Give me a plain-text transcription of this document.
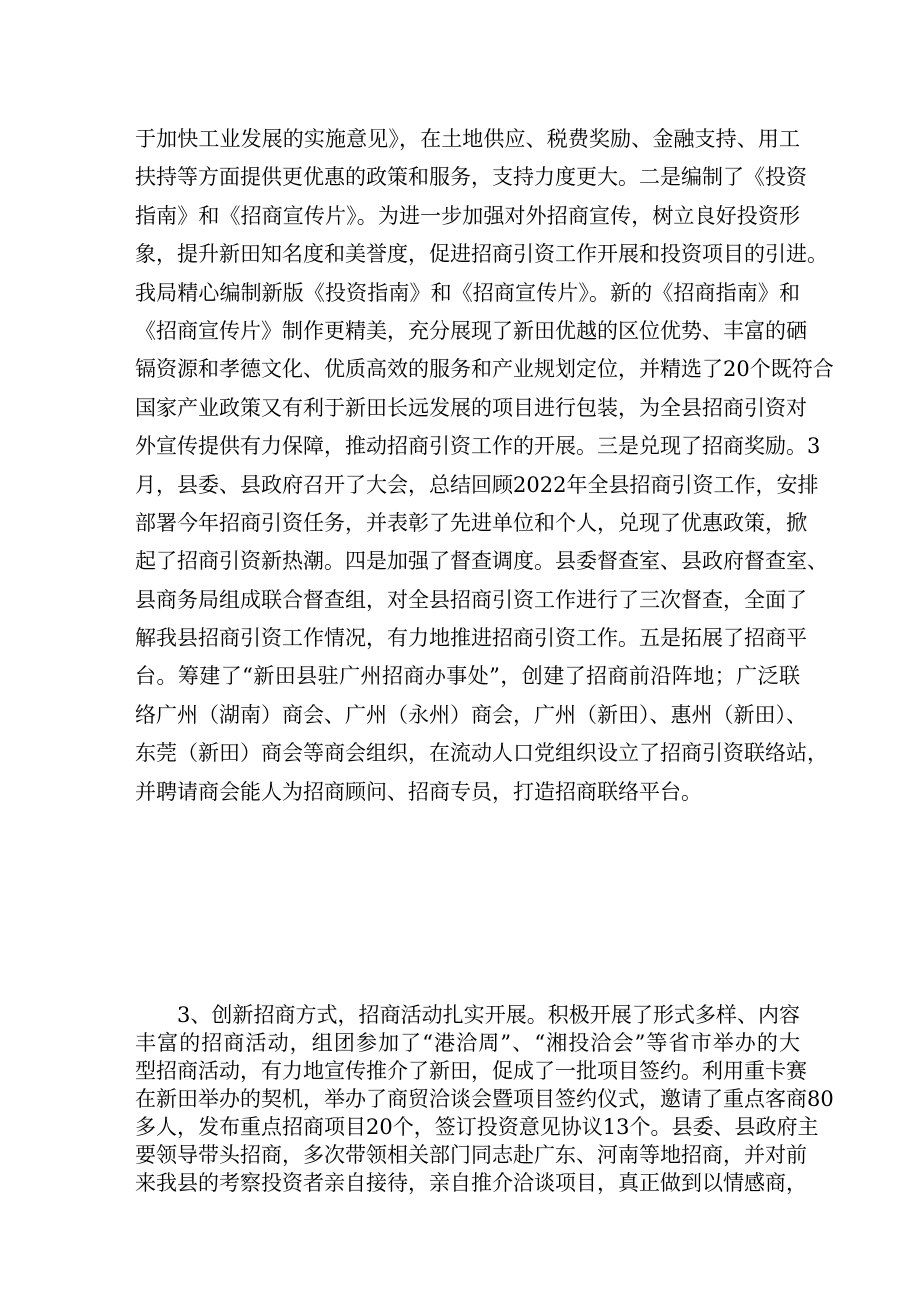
于加快工业发展的实施意见》，在土地供应、税费奖励、金融支持、用工
扶持等方面提供更优惠的政策和服务，支持力度更大。二是编制了《投资
指南》和《招商宣传片》。为进一步加强对外招商宣传，树立良好投资形
象，提升新田知名度和美誉度，促进招商引资工作开展和投资项目的引进。
我局精心编制新版《投资指南》和《招商宣传片》。新的《招商指南》和
《招商宣传片》制作更精美，充分展现了新田优越的区位优势、丰富的硒
镉资源和孝德文化、优质高效的服务和产业规划定位，并精选了20个既符合
国家产业政策又有利于新田长远发展的项目进行包装，为全县招商引资对
外宣传提供有力保障，推动招商引资工作的开展。三是兑现了招商奖励。3
月，县委、县政府召开了大会，总结回顾2022年全县招商引资工作，安排
部署今年招商引资任务，并表彰了先进单位和个人，兑现了优惠政策，掀
起了招商引资新热潮。四是加强了督查调度。县委督查室、县政府督查室、
县商务局组成联合督查组，对全县招商引资工作进行了三次督查，全面了
解我县招商引资工作情况，有力地推进招商引资工作。五是拓展了招商平
台。筹建了“新田县驻广州招商办事处”，创建了招商前沿阵地；广泛联
络广州（湖南）商会、广州（永州）商会，广州（新田）、惠州（新田）、
东莞（新田）商会等商会组织，在流动人口党组织设立了招商引资联络站，
并聘请商会能人为招商顾问、招商专员，打造招商联络平台。
3、创新招商方式，招商活动扎实开展。积极开展了形式多样、内容
丰富的招商活动，组团参加了“港洽周”、“湘投洽会”等省市举办的大
型招商活动，有力地宣传推介了新田，促成了一批项目签约。利用重卡赛
在新田举办的契机，举办了商贸洽谈会暨项目签约仪式，邀请了重点客商80
多人，发布重点招商项目20个，签订投资意见协议13个。县委、县政府主
要领导带头招商，多次带领相关部门同志赴广东、河南等地招商，并对前
来我县的考察投资者亲自接待，亲自推介洽谈项目，真正做到以情感商，
